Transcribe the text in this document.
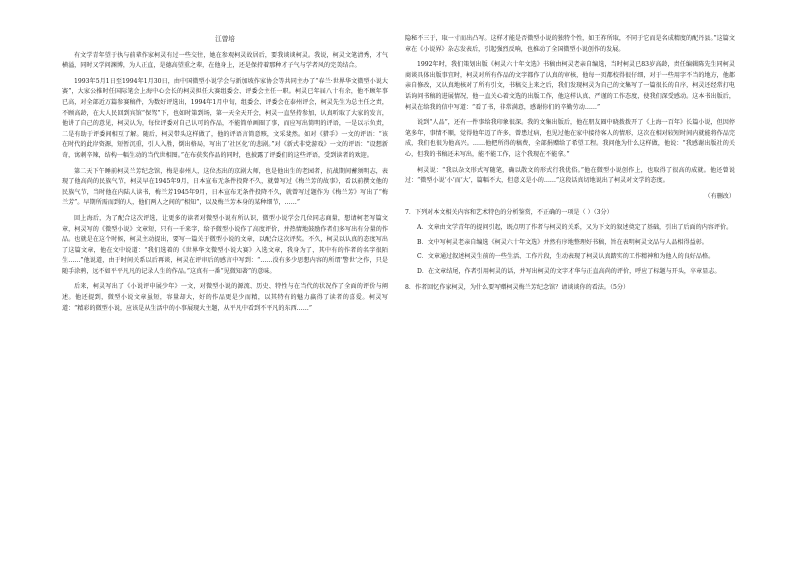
江曾培

有文学青年望于执与前辈作家柯灵有过一些交往，她在参观柯灵故居后，要我谈谈柯灵。我说，柯灵文笔清秀，才气横溢，同时又学问渊博，为人正直，是德高望重之辈，在他身上，还是保持着那种才子气与学者风的完美结合。

1993年5月1日至1994年1月30日，由中国微型小说学会与新加坡作家协会等共同主办了“春兰·世界华文微型小说大赛”，大家公推时任国际笔会上海中心会长的柯灵担任大赛组委会、评委会主任一职。柯灵已年届八十有余，他不顾年事已高，对全部近万篇参赛稿件，为数好评选出，1994年1月中旬，组委会、评委会在泰州评会，柯灵先生为总主任之责，不顾高龄，在大人民回到宾馆“保驾”下，也如时第到场，第一天全天开会，柯灵一直坚持参加，认真听取了大家的发言，他讲了自己的意见，柯灵认为，每位评委对自己认可的作品，不能简单画圈了事，而应写出简明的评语，一是以示负责，二是有助于评委间相互了解。随后，柯灵带头这样做了，他的评语言简意赅，文采斐然。如对《猎手》一文的评语：“该在时代的此岸资源，短暂沉重，引人入胜，倒出格局，写出了‘社区化’的悲剧。”对《新式非党游戏》一文的评语：“设想新奇，寓刺辛辣，结构一幅生动的当代世相图。”在布获奖作品的同时，也披露了评委们的这些评语，受到读者的欢迎。

第二天下午睡前柯灵兰芳纪念馆，梅是泰州人，这位杰出的京剧大师，也是他出生的老园者，抗战期间蓄须明志，表现了他高尚的民族气节，柯灵早在1945年9月，日本宣布无条件投降不久，就曾写过《梅兰芳的故事》，看以前撰文他的民族气节，当时他在内陆人读书，梅兰芳1945年9月，日本宣布无条件投降不久，就曾写过题作为《梅兰芳》写出了“梅兰芳”。早期所需而到的人，他们两人之间的“相知”，以及梅兰芳本身的某种细节，……”

回上海后，为了配合这次评选，让更多的读者对微型小说有所认识，微型小说学会几位同志商量，想请柯老写篇文章，柯灵写的《微型小说》文章短，只有一千来字，给予微型小说作了高度评价，并热情地鼓励作者们多写出有分量的作品。也就是在这个时候，柯灵主动提出，要写一篇关于微型小说的文章，以配合这次评奖。不久，柯灵以认真的态度写出了这篇文章，他在文中说道：“我们选着的《世界华文微型小说大赛》入选文章，我身为了，其中有的作者的名字很陌生……”他说道，由于时间关系以后再谈，柯灵在评审后的感言中写到：“……没有多少思想内容的所谓‘警世’之作，只是随手涂鸦，远不如平平凡凡的记录人生的作品。”这真有一番“见微知著”的意味。

后来，柯灵写出了《小说评申展少年》一文，对微型小说的源流、历史、特性与在当代的状况作了全面的评价与阐述。他还提到，微型小说文章虽短，容量却大，好的作品更是少而精，以其特有的魅力赢得了读者的喜爱。柯灵写道：“精彩的微型小说，应该是从生活中的小事展现大主题，从平凡中看到不平凡的东西……”

隐秘不三于，取一寸而出凸写。这样才能是否微型小说的独特个性，如王祚所取，不同于它而是名成精度的配丹县。”这篇文章在《小说界》杂志发表后，引起强烈反响，也推动了全国微型小说创作的发展。

1992年时，我们策划出版《柯灵六十年文选》书稿由柯灵老亲自编选，当时柯灵已83岁高龄，责任编辑陈先生同柯灵商谈具体出版事宜时，柯灵对所有作品的文字都作了认真的审核，他每一页都校得很仔细，对于一些用字不当的地方，他都亲自修改，又认真地核对了所有引文，书稿交上来之后，我们发现柯灵为自己的文集写了一篇很长的自序，柯灵还经常打电话询问书稿的进展情况，他一直关心着文选的出版工作，他这样认真、严谨的工作态度，使我们深受感动。这本书出版后，柯灵在给我的信中写道：“看了书，非常满意，感谢你们的辛勤劳动……”

说到“人品”，还有一件事给我印象很深。我的文集出版后，他在朋友圈中晓拨拨开了《上海一百年》长篇小说，但因停笔多年，事情不顺，觉得他年迈了许多，曾患过病，也见过他在家中接待客人的情形，这次在相对较短时间内就能将作品完成，我们也很为他高兴。……他把所得的稿费，全部捐赠给了希望工程。我问他为什么这样做，他说：“我感谢出版社的关心，但我的书稿还未写出，能不能工作，这个我现在不能拿。”

柯灵说：“我以杂文形式写随笔，确以散文的形式行我优俗。”他在微型小说创作上，也取得了很高的成就。他还曾说过：“微型小说‘小’而‘大’，篇幅不大，但意义是小的……”这段话真切地说出了柯灵对文学的态度。

（有删改）

7．下列对本文相关内容和艺术特色的分析鉴赏，不正确的一项是（ ）（3分）

A．文章由文学青年的提问引起，既点明了作者与柯灵的关系，又为下文的叙述奠定了基础，引出了后面的内容评价。

B．文中写柯灵老亲自编选《柯灵六十年文选》并然有序地整理好书稿，旨在表明柯灵文品与人品相得益彰。

C．文章通过叙述柯灵生前的一些生活、工作片段，生动表现了柯灵认真踏实的工作精神和为他人的良好品格。

D．在文章结尾，作者引用柯灵的话，并写出柯灵的文字才华与正直高尚的评价，呼应了标题与开头，卒章显志。

8．作者回忆作家柯灵，为什么要写赠柯灵梅兰芳纪念馆？请谈谈你的看法。（5分）
